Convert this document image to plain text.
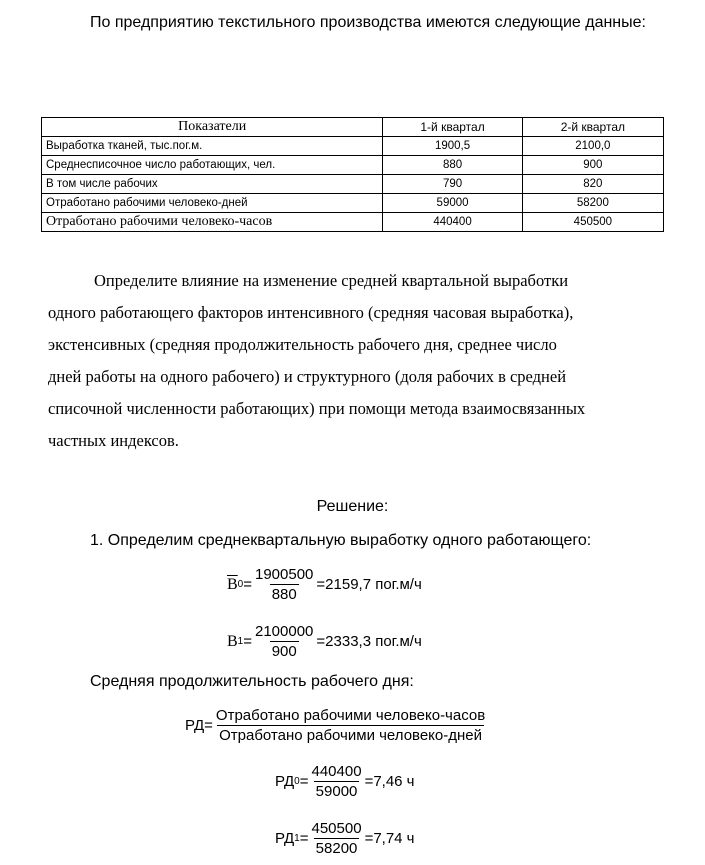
По предприятию текстильного производства имеются следующие данные:
Показатели	1-й квартал	2-й квартал
Выработка тканей, тыс.пог.м.	1900,5	2100,0
Среднесписочное число работающих, чел.	880	900
В том числе рабочих	790	820
Отработано рабочими человеко-дней	59000	58200
Отработано рабочими человеко-часов	440400	450500
Определите влияние на изменение средней квартальной выработки
одного работающего факторов интенсивного (средняя часовая выработка),
экстенсивных (средняя продолжительность рабочего дня, среднее число
дней работы на одного рабочего) и структурного (доля рабочих в средней
списочной численности работающих) при помощи метода взаимосвязанных
частных индексов.
Решение:
1. Определим среднеквартальную выработку одного работающего:
$\overline{B}$ $0 = \frac{1900500}{880} =2159,7$ пог.м/ч
B $1 = \frac{2100000}{900} =2333,3$ пог.м/ч
Средняя продолжительность рабочего дня:
$РД= \frac{\text{Отработано рабочими человеко-часов}}{\text{Отработано рабочими человеко-дней}}$
РД $0 = \frac{440400}{59000} =7,46$ ч
РД $1 = \frac{450500}{58200} =7,74$ ч
